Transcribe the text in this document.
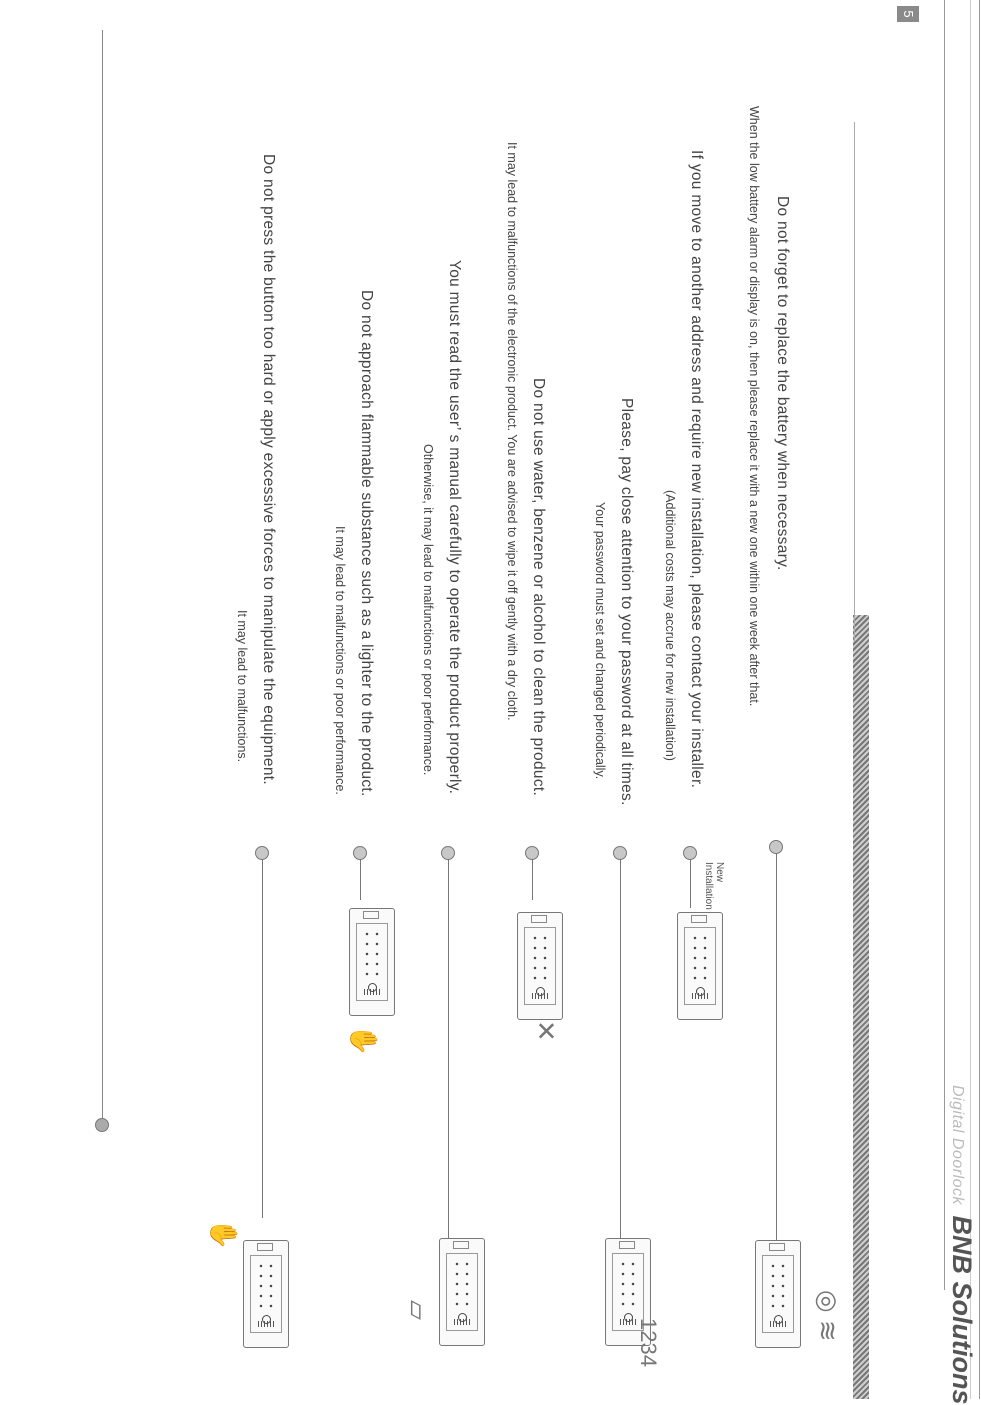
Digital Doorlock BNB Solutions
5
Do not forget to replace the battery when necessary.
When the low battery alarm or display is on, then please replace it with a new one within one week after that.
If you move to another address and require new installation, please contact your installer.
(Additional costs may accrue for new installation)
Please, pay close attention to your password at all times.
Your password must set and changed periodically.
Do not use water, benzene or alcohol to clean the product.
It may lead to malfunctions of the electronic product. You are advised to wipe it off gently with a dry cloth.
You must read the user’ s manual carefully to operate the product properly.
Otherwise, it may lead to malfunctions or poor performance.
Do not approach flammable substance such as a lighter to the product.
It may lead to malfunctions or poor performance.
Do not press the button too hard or apply excessive forces to manipulate the equipment.
It may lead to malfunctions.
◎ ≋
New Installation
1234
✕
▱
✋
✋
